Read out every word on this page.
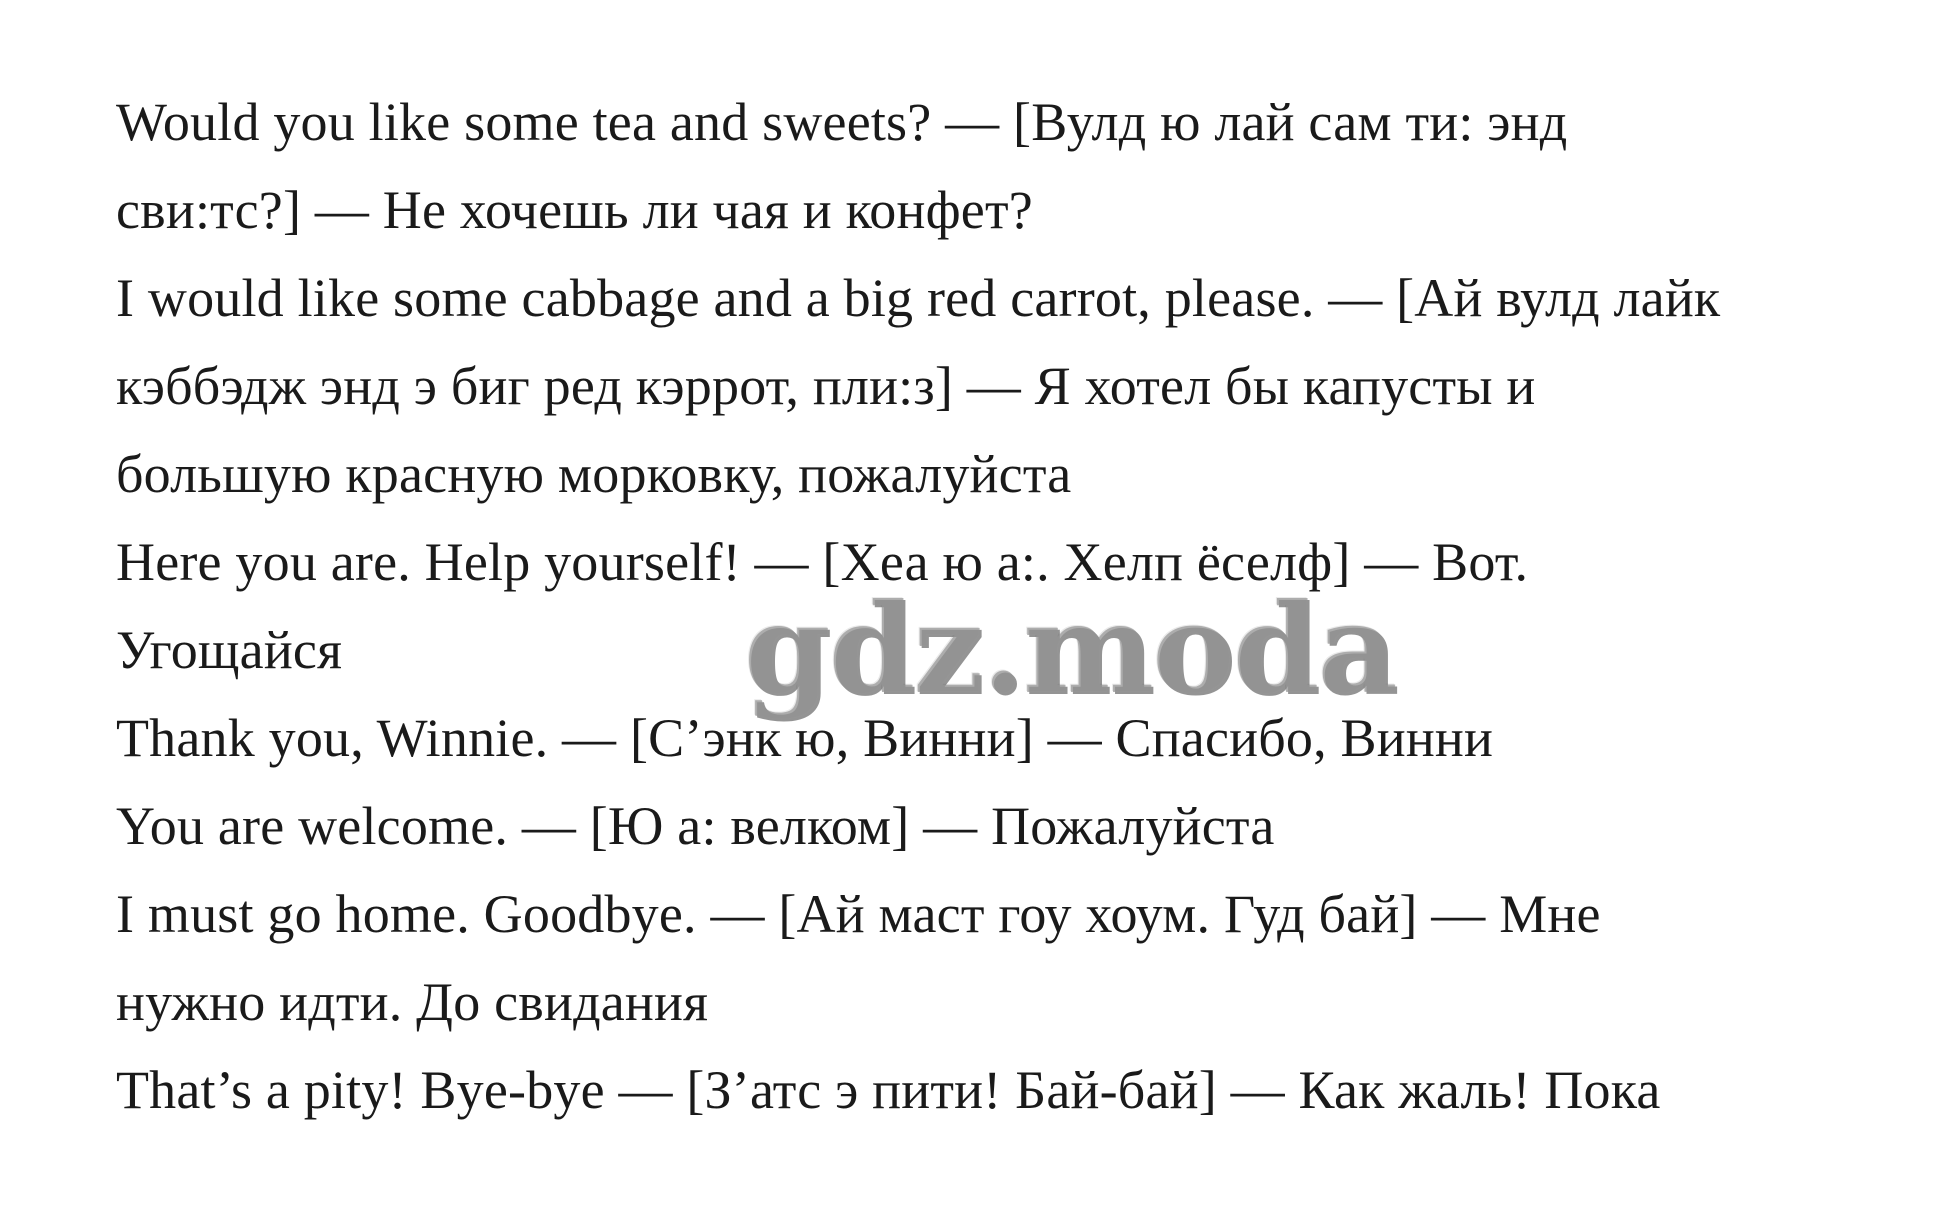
Would you like some tea and sweets? — [Вулд ю лай сам ти: энд
сви:тс?] — Не хочешь ли чая и конфет?
I would like some cabbage and a big red carrot, please. — [Ай вулд лайк
кэббэдж энд э биг ред кэррот, пли:з] — Я хотел бы капусты и
большую красную морковку, пожалуйста
Here you are. Help yourself! — [Хеа ю а:. Хелп ёселф] — Вот.
Угощайся
Thank you, Winnie. — [С’энк ю, Винни] — Спасибо, Винни
You are welcome. — [Ю а: велком] — Пожалуйста
I must go home. Goodbye. — [Ай маст гоу хоум. Гуд бай] — Мне
нужно идти. До свидания
That’s a pity! Bye-bye — [З’атс э пити! Бай-бай] — Как жаль! Пока
gdz.moda
